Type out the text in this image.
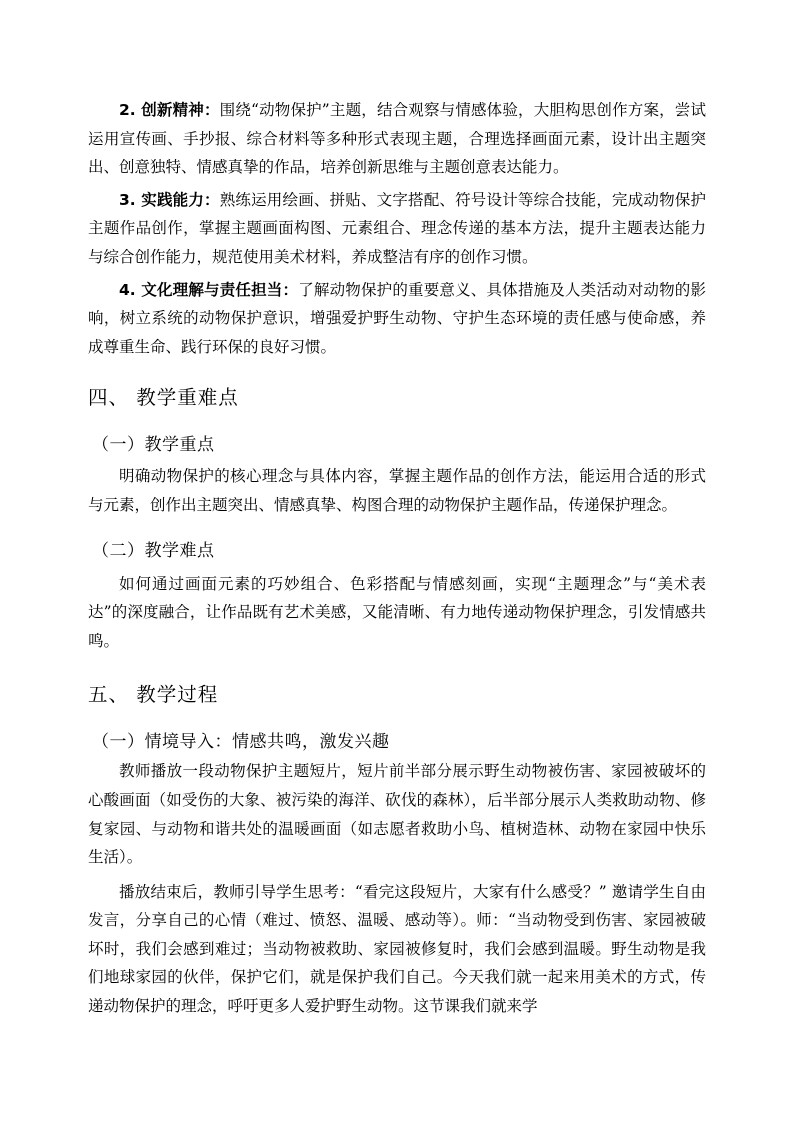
2. 创新精神：围绕“动物保护”主题，结合观察与情感体验，大胆构思创作方案，尝试运用宣传画、手抄报、综合材料等多种形式表现主题，合理选择画面元素，设计出主题突出、创意独特、情感真挚的作品，培养创新思维与主题创意表达能力。

3. 实践能力：熟练运用绘画、拼贴、文字搭配、符号设计等综合技能，完成动物保护主题作品创作，掌握主题画面构图、元素组合、理念传递的基本方法，提升主题表达能力与综合创作能力，规范使用美术材料，养成整洁有序的创作习惯。

4. 文化理解与责任担当：了解动物保护的重要意义、具体措施及人类活动对动物的影响，树立系统的动物保护意识，增强爱护野生动物、守护生态环境的责任感与使命感，养成尊重生命、践行环保的良好习惯。

四、 教学重难点
（一）教学重点

明确动物保护的核心理念与具体内容，掌握主题作品的创作方法，能运用合适的形式与元素，创作出主题突出、情感真挚、构图合理的动物保护主题作品，传递保护理念。

（二）教学难点

如何通过画面元素的巧妙组合、色彩搭配与情感刻画，实现“主题理念”与“美术表达”的深度融合，让作品既有艺术美感，又能清晰、有力地传递动物保护理念，引发情感共鸣。

五、 教学过程
（一）情境导入：情感共鸣，激发兴趣

教师播放一段动物保护主题短片，短片前半部分展示野生动物被伤害、家园被破坏的心酸画面（如受伤的大象、被污染的海洋、砍伐的森林），后半部分展示人类救助动物、修复家园、与动物和谐共处的温暖画面（如志愿者救助小鸟、植树造林、动物在家园中快乐生活）。

播放结束后，教师引导学生思考：“看完这段短片，大家有什么感受？” 邀请学生自由发言，分享自己的心情（难过、愤怒、温暖、感动等）。师：“当动物受到伤害、家园被破坏时，我们会感到难过；当动物被救助、家园被修复时，我们会感到温暖。野生动物是我们地球家园的伙伴，保护它们，就是保护我们自己。今天我们就一起来用美术的方式，传递动物保护的理念，呼吁更多人爱护野生动物。这节课我们就来学
